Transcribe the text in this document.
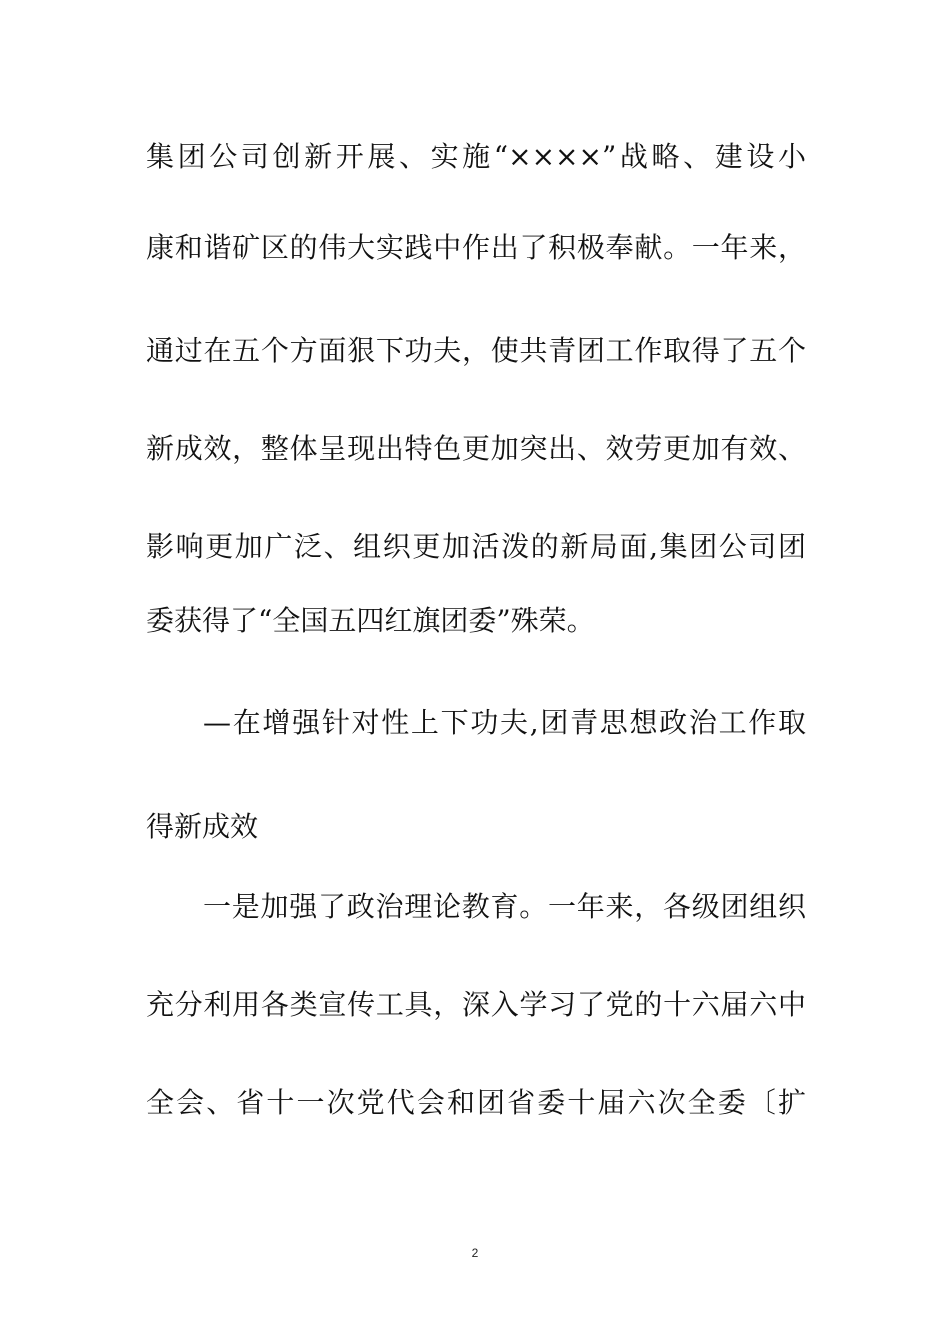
集团公司创新开展、实施“××××”战略、建设小
康和谐矿区的伟大实践中作出了积极奉献。一年来，
通过在五个方面狠下功夫，使共青团工作取得了五个
新成效，整体呈现出特色更加突出、效劳更加有效、
影响更加广泛、组织更加活泼的新局面,集团公司团
委获得了“全国五四红旗团委”殊荣。
—在增强针对性上下功夫,团青思想政治工作取
得新成效
一是加强了政治理论教育。一年来，各级团组织
充分利用各类宣传工具，深入学习了党的十六届六中
全会、省十一次党代会和团省委十届六次全委〔扩
2
